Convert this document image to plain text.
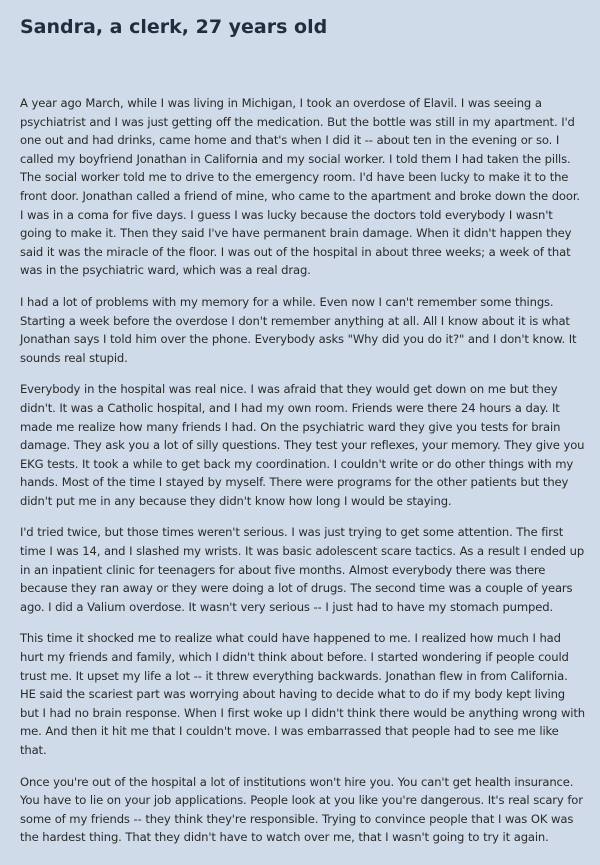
Sandra, a clerk, 27 years old

A year ago March, while I was living in Michigan, I took an overdose of Elavil. I was seeing a psychiatrist and I was just getting off the medication. But the bottle was still in my apartment. I'd one out and had drinks, came home and that's when I did it -- about ten in the evening or so. I called my boyfriend Jonathan in California and my social worker. I told them I had taken the pills. The social worker told me to drive to the emergency room. I'd have been lucky to make it to the front door. Jonathan called a friend of mine, who came to the apartment and broke down the door. I was in a coma for five days. I guess I was lucky because the doctors told everybody I wasn't going to make it. Then they said I've have permanent brain damage. When it didn't happen they said it was the miracle of the floor. I was out of the hospital in about three weeks; a week of that was in the psychiatric ward, which was a real drag.

I had a lot of problems with my memory for a while. Even now I can't remember some things. Starting a week before the overdose I don't remember anything at all. All I know about it is what Jonathan says I told him over the phone. Everybody asks "Why did you do it?" and I don't know. It sounds real stupid.

Everybody in the hospital was real nice. I was afraid that they would get down on me but they didn't. It was a Catholic hospital, and I had my own room. Friends were there 24 hours a day. It made me realize how many friends I had. On the psychiatric ward they give you tests for brain damage. They ask you a lot of silly questions. They test your reflexes, your memory. They give you EKG tests. It took a while to get back my coordination. I couldn't write or do other things with my hands. Most of the time I stayed by myself. There were programs for the other patients but they didn't put me in any because they didn't know how long I would be staying.

I'd tried twice, but those times weren't serious. I was just trying to get some attention. The first time I was 14, and I slashed my wrists. It was basic adolescent scare tactics. As a result I ended up in an inpatient clinic for teenagers for about five months. Almost everybody there was there because they ran away or they were doing a lot of drugs. The second time was a couple of years ago. I did a Valium overdose. It wasn't very serious -- I just had to have my stomach pumped.

This time it shocked me to realize what could have happened to me. I realized how much I had hurt my friends and family, which I didn't think about before. I started wondering if people could trust me. It upset my life a lot -- it threw everything backwards. Jonathan flew in from California. HE said the scariest part was worrying about having to decide what to do if my body kept living but I had no brain response. When I first woke up I didn't think there would be anything wrong with me. And then it hit me that I couldn't move. I was embarrassed that people had to see me like that.

Once you're out of the hospital a lot of institutions won't hire you. You can't get health insurance. You have to lie on your job applications. People look at you like you're dangerous. It's real scary for some of my friends -- they think they're responsible. Trying to convince people that I was OK was the hardest thing. That they didn't have to watch over me, that I wasn't going to try it again.
